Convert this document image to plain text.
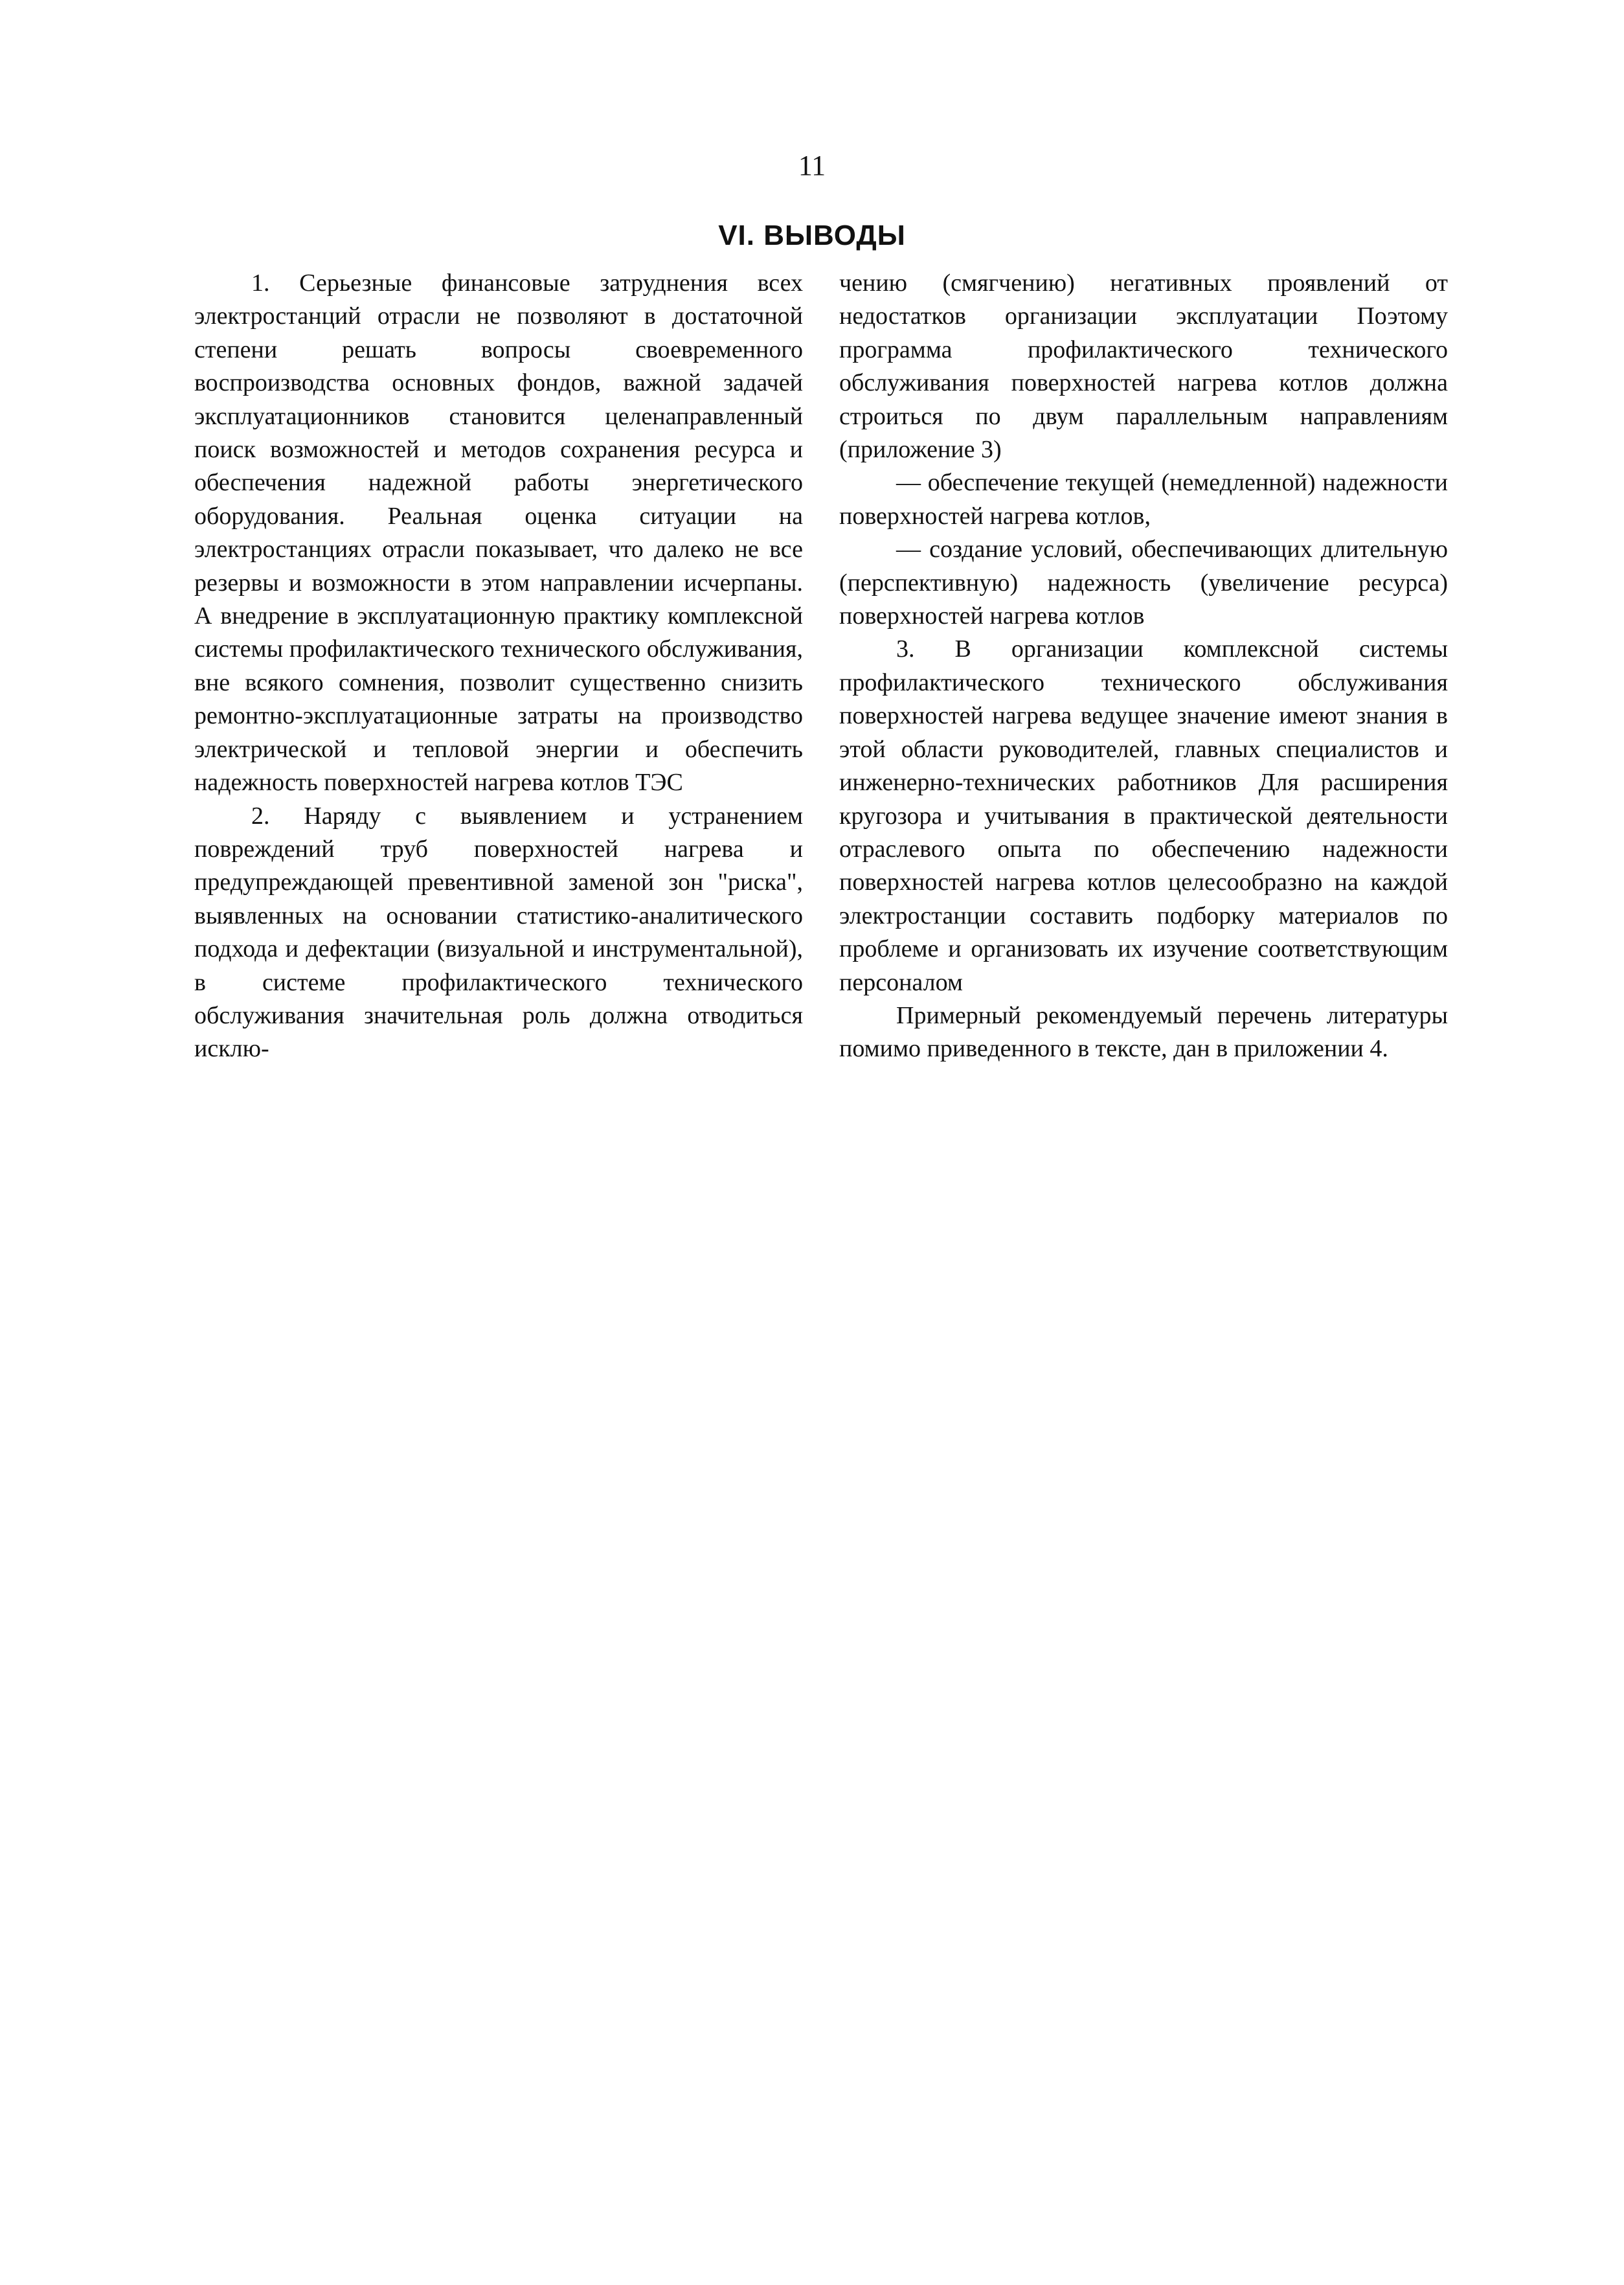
11
VI. ВЫВОДЫ

1. Серьезные финансовые затруднения всех электростанций отрасли не позволяют в достаточной степени решать вопросы своевременного воспроизводства основных фондов, важной задачей эксплуатационников становится целенаправленный поиск возможностей и методов сохранения ресурса и обеспечения надежной работы энергетического оборудования. Реальная оценка ситуации на электростанциях отрасли показывает, что далеко не все резервы и возможности в этом направлении исчерпаны. А внедрение в эксплуатационную практику комплексной системы профилактического технического обслуживания, вне всякого сомнения, позволит существенно снизить ремонтно-эксплуатационные затраты на производство электрической и тепловой энергии и обеспечить надежность поверхностей нагрева котлов ТЭС

2. Наряду с выявлением и устранением повреждений труб поверхностей нагрева и предупреждающей превентивной заменой зон "риска", выявленных на основании статистико-аналитического подхода и дефектации (визуальной и инструментальной), в системе профилактического технического обслуживания значительная роль должна отводиться исклю-

чению (смягчению) негативных проявлений от недостатков организации эксплуатации Поэтому программа профилактического технического обслуживания поверхностей нагрева котлов должна строиться по двум параллельным направлениям (приложение 3)

— обеспечение текущей (немедленной) надежности поверхностей нагрева котлов,

— создание условий, обеспечивающих длительную (перспективную) надежность (увеличение ресурса) поверхностей нагрева котлов

3. В организации комплексной системы профилактического технического обслуживания поверхностей нагрева ведущее значение имеют знания в этой области руководителей, главных специалистов и инженерно-технических работников Для расширения кругозора и учитывания в практической деятельности отраслевого опыта по обеспечению надежности поверхностей нагрева котлов целесообразно на каждой электростанции составить подборку материалов по проблеме и организовать их изучение соответствующим персоналом

Примерный рекомендуемый перечень литературы помимо приведенного в тексте, дан в приложении 4.
